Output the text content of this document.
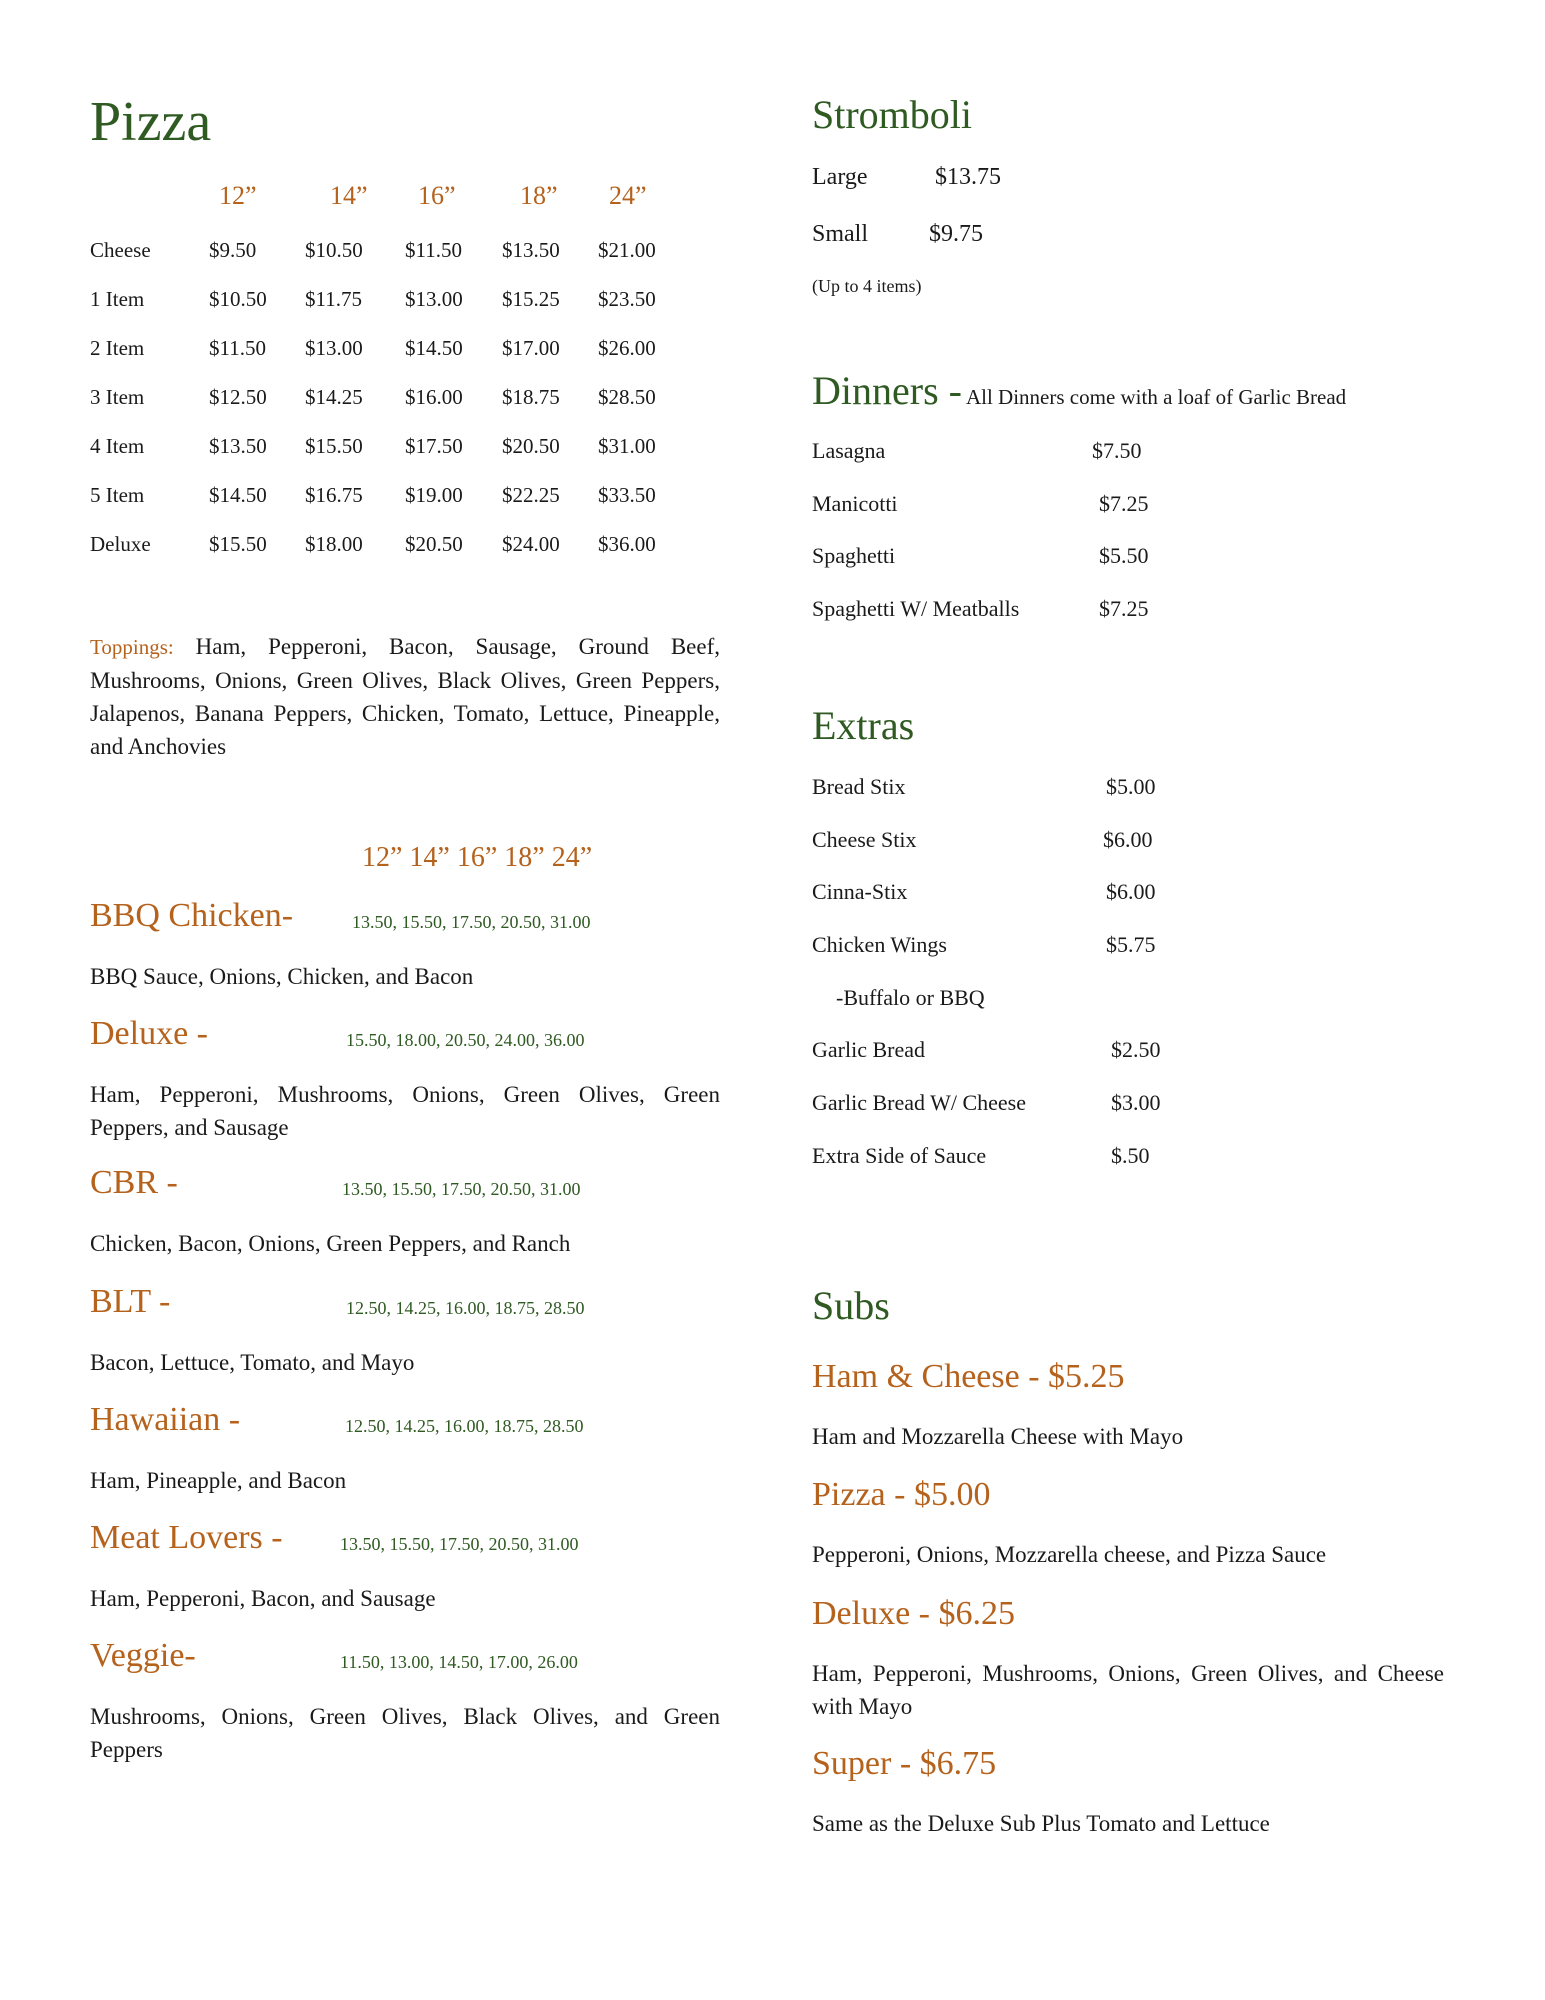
Pizza
12”	14” 16” 18” 24”
Cheese	$9.50 $10.50 $11.50 $13.50 $21.00
1 Item	$10.50 $11.75 $13.00 $15.25 $23.50
2 Item	$11.50 $13.00 $14.50 $17.00 $26.00
3 Item	$12.50 $14.25 $16.00 $18.75 $28.50
4 Item	$13.50 $15.50 $17.50 $20.50 $31.00
5 Item	$14.50 $16.75 $19.00 $22.25 $33.50
Deluxe	$15.50 $18.00 $20.50 $24.00 $36.00
Toppings: Ham, Pepperoni, Bacon, Sausage, Ground Beef, Mushrooms, Onions, Green Olives, Black Olives, Green Peppers, Jalapenos, Banana Peppers, Chicken, Tomato, Lettuce, Pineapple, and Anchovies
12” 14” 16” 18” 24”
BBQ Chicken-	13.50, 15.50, 17.50, 20.50, 31.00
BBQ Sauce, Onions, Chicken, and Bacon
Deluxe -	15.50, 18.00, 20.50, 24.00, 36.00
Ham, Pepperoni, Mushrooms, Onions, Green Olives, Green Peppers, and Sausage
CBR -	13.50, 15.50, 17.50, 20.50, 31.00
Chicken, Bacon, Onions, Green Peppers, and Ranch
BLT -	12.50, 14.25, 16.00, 18.75, 28.50
Bacon, Lettuce, Tomato, and Mayo
Hawaiian -	12.50, 14.25, 16.00, 18.75, 28.50
Ham, Pineapple, and Bacon
Meat Lovers -	13.50, 15.50, 17.50, 20.50, 31.00
Ham, Pepperoni, Bacon, and Sausage
Veggie-	11.50, 13.00, 14.50, 17.00, 26.00
Mushrooms, Onions, Green Olives, Black Olives, and Green Peppers
Stromboli
Large	$13.75
Small	$9.75
(Up to 4 items)
Dinners - All Dinners come with a loaf of Garlic Bread
Lasagna	$7.50
Manicotti	$7.25
Spaghetti	$5.50
Spaghetti W/ Meatballs	$7.25
Extras
Bread Stix	$5.00
Cheese Stix	$6.00
Cinna-Stix	$6.00
Chicken Wings	$5.75
-Buffalo or BBQ
Garlic Bread	$2.50
Garlic Bread W/ Cheese	$3.00
Extra Side of Sauce	$.50
Subs
Ham & Cheese - $5.25
Ham and Mozzarella Cheese with Mayo
Pizza - $5.00
Pepperoni, Onions, Mozzarella cheese, and Pizza Sauce
Deluxe - $6.25
Ham, Pepperoni, Mushrooms, Onions, Green Olives, and Cheese with Mayo
Super - $6.75
Same as the Deluxe Sub Plus Tomato and Lettuce
